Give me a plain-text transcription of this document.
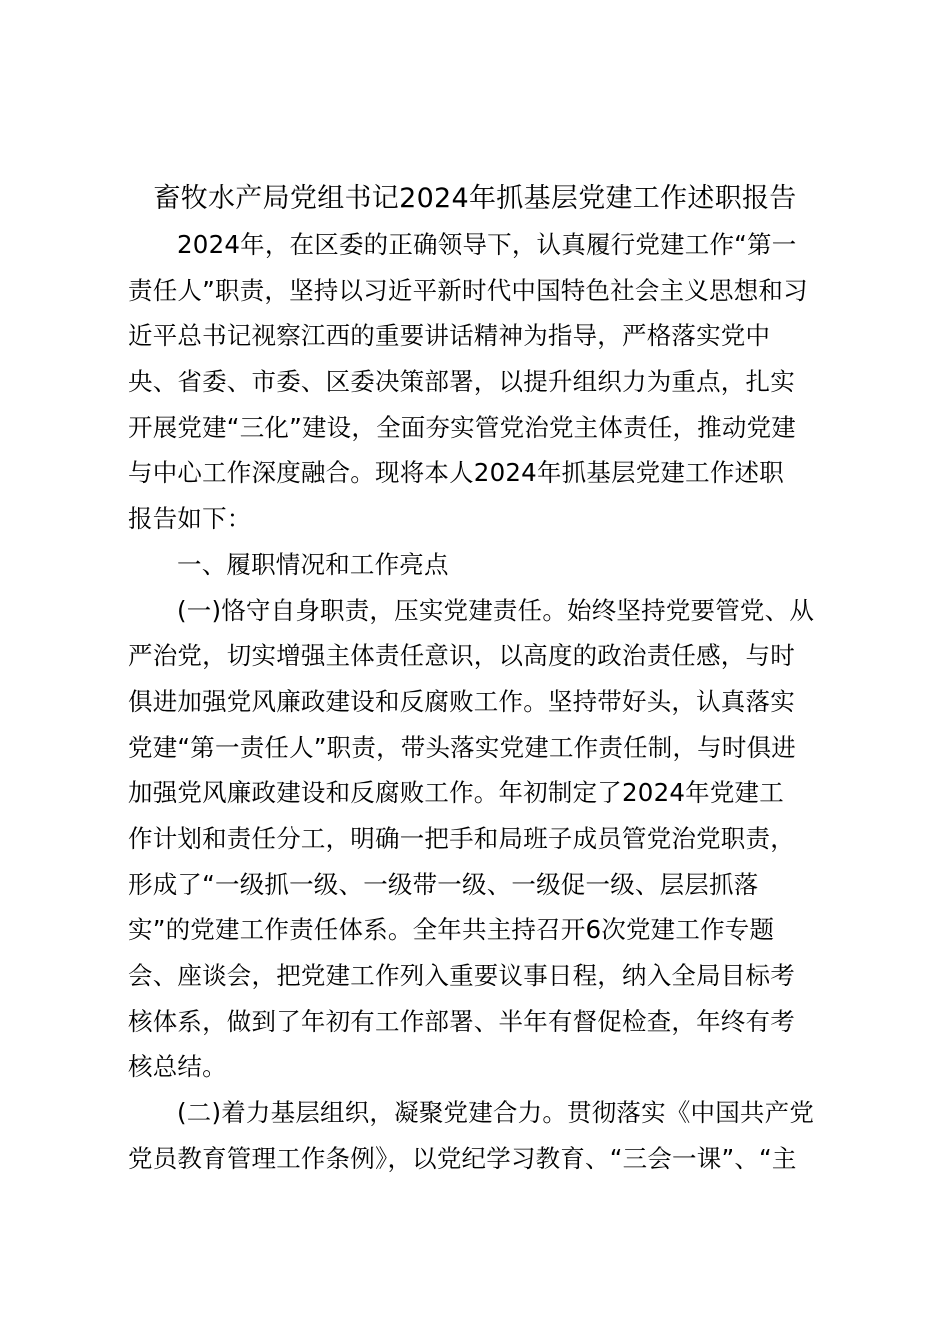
畜牧水产局党组书记2024年抓基层党建工作述职报告
2024年，在区委的正确领导下，认真履行党建工作“第一
责任人”职责，坚持以习近平新时代中国特色社会主义思想和习
近平总书记视察江西的重要讲话精神为指导，严格落实党中
央、省委、市委、区委决策部署，以提升组织力为重点，扎实
开展党建“三化”建设，全面夯实管党治党主体责任，推动党建
与中心工作深度融合。现将本人2024年抓基层党建工作述职
报告如下：
一、履职情况和工作亮点
(一)恪守自身职责，压实党建责任。始终坚持党要管党、从
严治党，切实增强主体责任意识，以高度的政治责任感，与时
俱进加强党风廉政建设和反腐败工作。坚持带好头，认真落实
党建“第一责任人”职责，带头落实党建工作责任制，与时俱进
加强党风廉政建设和反腐败工作。年初制定了2024年党建工
作计划和责任分工，明确一把手和局班子成员管党治党职责，
形成了“一级抓一级、一级带一级、一级促一级、层层抓落
实”的党建工作责任体系。全年共主持召开6次党建工作专题
会、座谈会，把党建工作列入重要议事日程，纳入全局目标考
核体系，做到了年初有工作部署、半年有督促检查，年终有考
核总结。
(二)着力基层组织，凝聚党建合力。贯彻落实《中国共产党
党员教育管理工作条例》，以党纪学习教育、“三会一课”、“主
